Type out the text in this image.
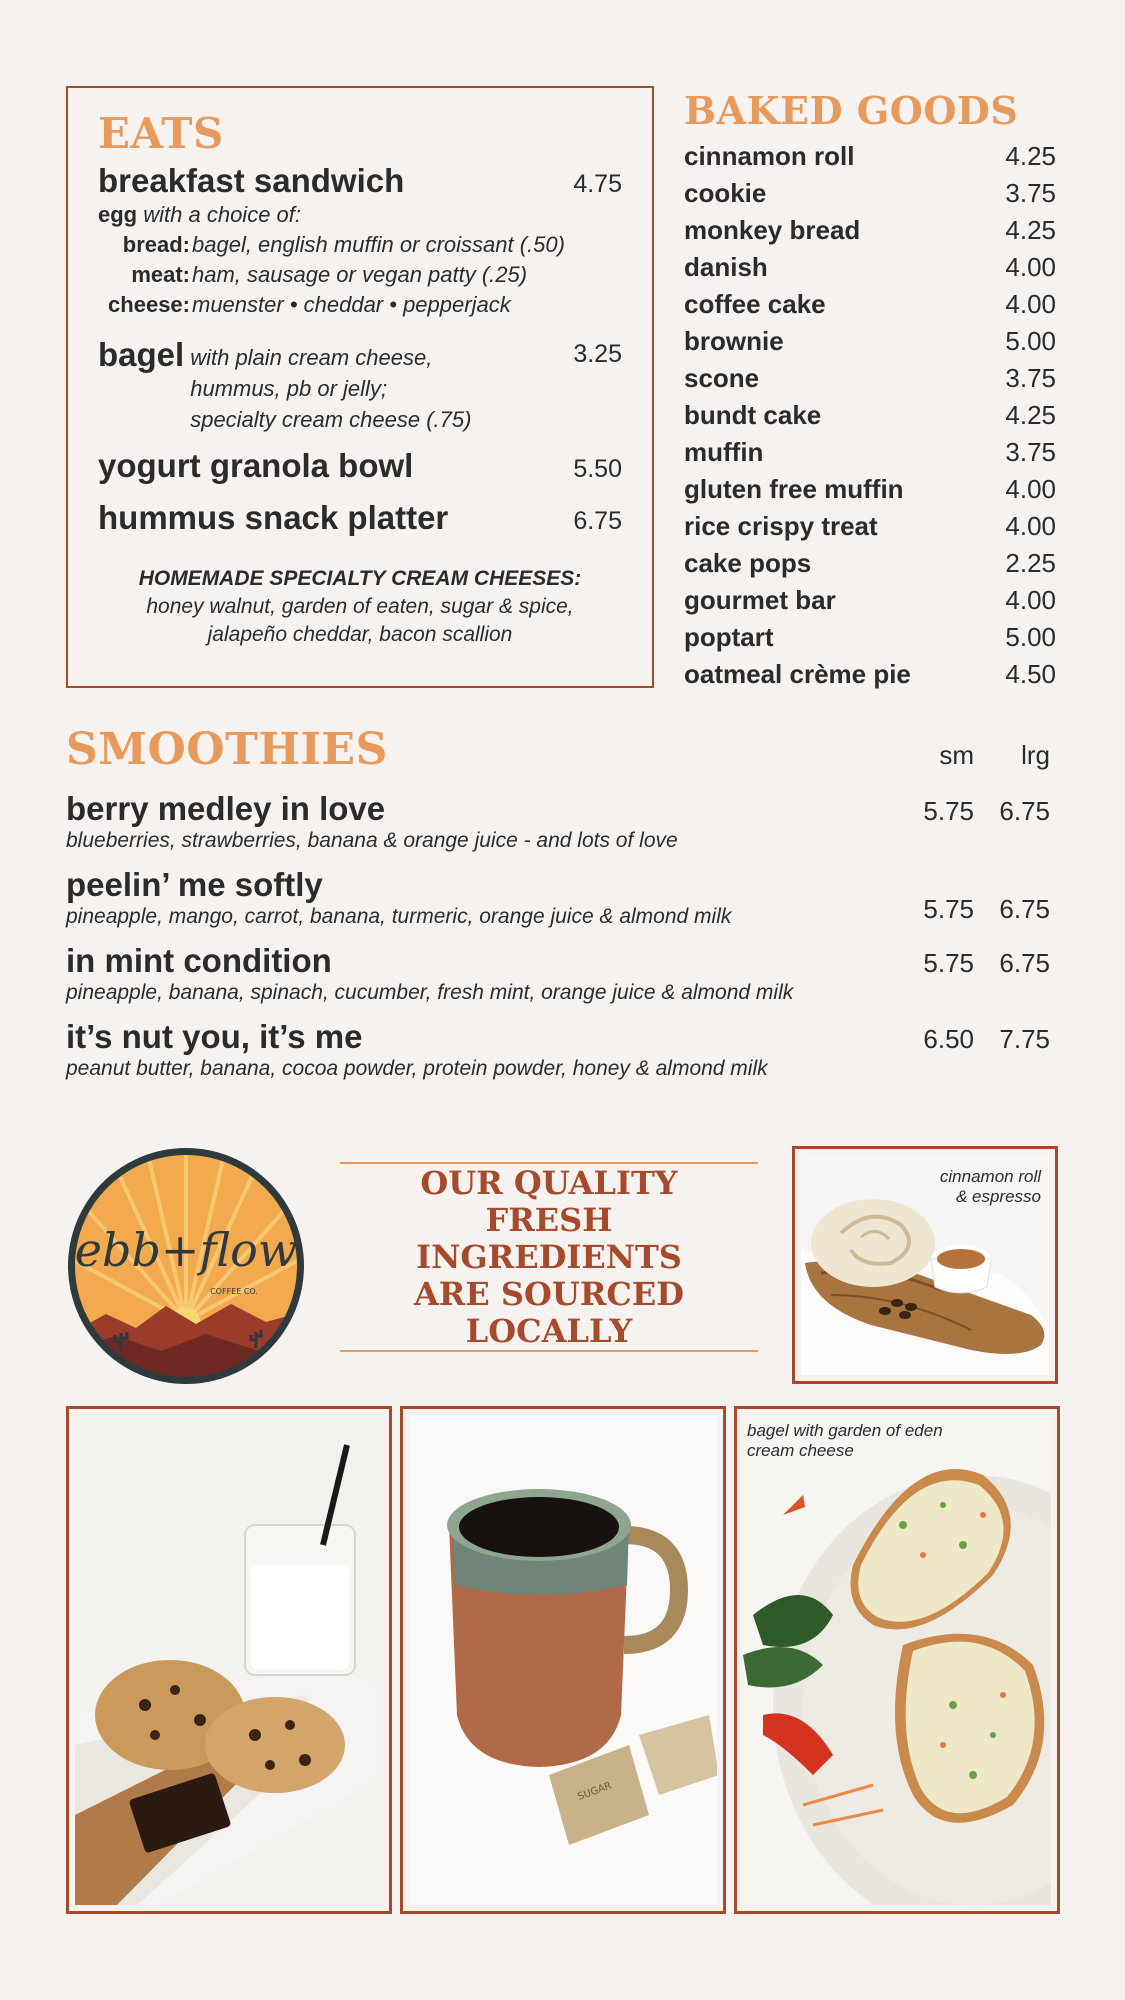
EATS
breakfast sandwich	4.75
egg with a choice of:
bread: bagel, english muffin or croissant (.50)
meat: ham, sausage or vegan patty (.25)
cheese: muenster • cheddar • pepperjack
bagel with plain cream cheese,
hummus, pb or jelly;
specialty cream cheese (.75)
3.25
yogurt granola bowl	5.50
hummus snack platter	6.75
HOMEMADE SPECIALTY CREAM CHEESES:
honey walnut, garden of eaten, sugar & spice,
jalapeño cheddar, bacon scallion
BAKED GOODS
cinnamon roll	4.25
cookie	3.75
monkey bread	4.25
danish	4.00
coffee cake	4.00
brownie	5.00
scone	3.75
bundt cake	4.25
muffin	3.75
gluten free muffin	4.00
rice crispy treat	4.00
cake pops	2.25
gourmet bar	4.00
poptart	5.00
oatmeal crème pie	4.50
SMOOTHIES	sm	lrg
berry medley in love
blueberries, strawberries, banana & orange juice - and lots of love
5.75 6.75
peelin’ me softly
pineapple, mango, carrot, banana, turmeric, orange juice & almond milk	5.75 6.75
in mint condition
pineapple, banana, spinach, cucumber, fresh mint, orange juice & almond milk
5.75 6.75
it’s nut you, it’s me
peanut butter, banana, cocoa powder, protein powder, honey & almond milk
6.50 7.75
ebb+flow
COFFEE CO.
OUR QUALITY
FRESH INGREDIENTS
ARE SOURCED
LOCALLY
cinnamon roll
& espresso
SUGAR
bagel with garden of eden
cream cheese
